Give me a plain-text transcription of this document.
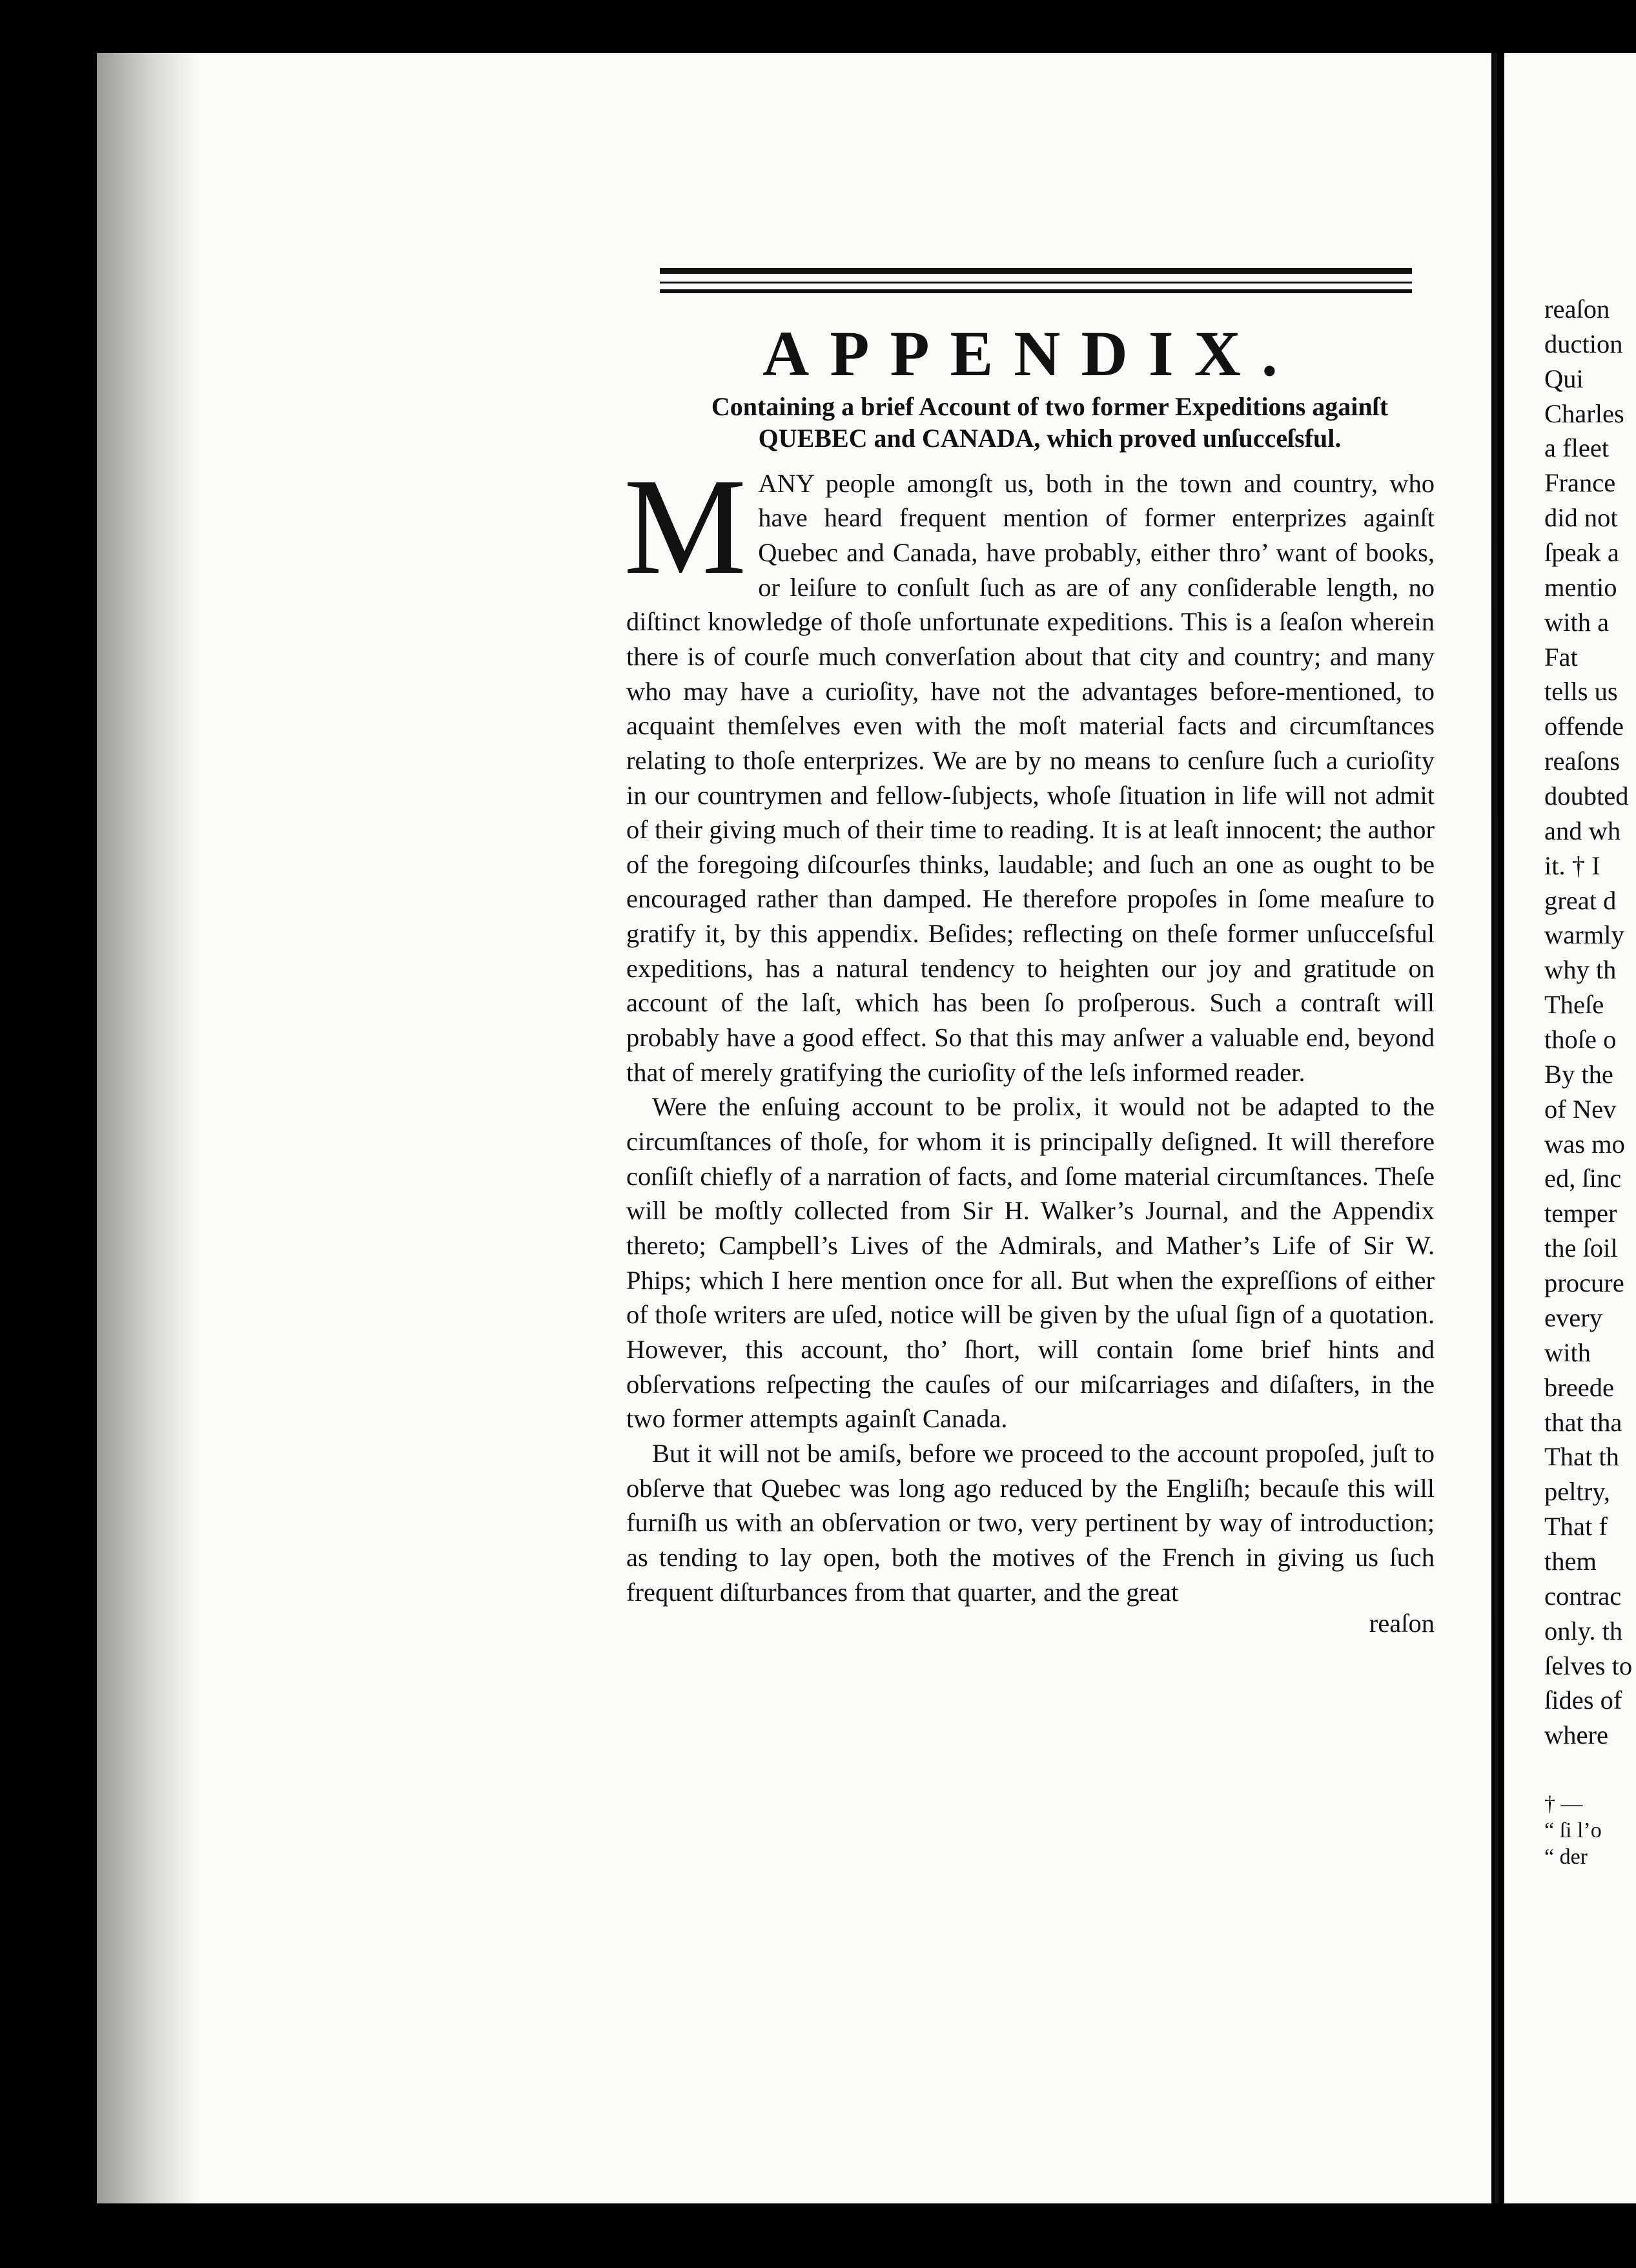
APPENDIX.
Containing a brief Account of two former Expeditions againſt
QUEBEC and CANADA, which proved unſucceſsful.

MANY people amongſt us, both in the town and country, who have heard frequent mention of former enterprizes againſt Quebec and Canada, have probably, either thro’ want of books, or leiſure to conſult ſuch as are of any conſiderable length, no diſtinct knowledge of thoſe unfortunate expeditions. This is a ſeaſon wherein there is of courſe much converſation about that city and country; and many who may have a curioſity, have not the advantages before-mentioned, to acquaint themſelves even with the moſt material facts and circumſtances relating to thoſe enterprizes. We are by no means to cenſure ſuch a curioſity in our countrymen and fellow-ſubjects, whoſe ſituation in life will not admit of their giving much of their time to reading. It is at leaſt innocent; the author of the foregoing diſcourſes thinks, laudable; and ſuch an one as ought to be encouraged rather than damped. He therefore propoſes in ſome meaſure to gratify it, by this appendix. Beſides; reflecting on theſe former unſucceſsful expeditions, has a natural tendency to heighten our joy and gratitude on account of the laſt, which has been ſo proſperous. Such a contraſt will probably have a good effect. So that this may anſwer a valuable end, beyond that of merely gratifying the curioſity of the leſs informed reader.

Were the enſuing account to be prolix, it would not be adapted to the circumſtances of thoſe, for whom it is principally deſigned. It will therefore conſiſt chiefly of a narration of facts, and ſome material circumſtances. Theſe will be moſtly collected from Sir H. Walker’s Journal, and the Appendix thereto; Campbell’s Lives of the Admirals, and Mather’s Life of Sir W. Phips; which I here mention once for all. But when the expreſſions of either of thoſe writers are uſed, notice will be given by the uſual ſign of a quotation. However, this account, tho’ ſhort, will contain ſome brief hints and obſervations reſpecting the cauſes of our miſcarriages and diſaſters, in the two former attempts againſt Canada.

But it will not be amiſs, before we proceed to the account propoſed, juſt to obſerve that Quebec was long ago reduced by the Engliſh; becauſe this will furniſh us with an obſervation or two, very pertinent by way of introduction; as tending to lay open, both the motives of the French in giving us ſuch frequent diſturbances from that quarter, and the great

reaſon
reaſon
duction
Qui
Charles
a fleet
France
did not
ſpeak a
mentio
with a
Fat
tells us
offende
reaſons
doubted
and wh
it. † I
great d
warmly
why th
Theſe
thoſe o
By the
of Nev
was mo
ed, ſinc
temper
the ſoil
procure
every
with
breede
that tha
That th
peltry,
That f
them
contrac
only. th
ſelves to
ſides of
where
† —
“ ſi l’o
“ der
